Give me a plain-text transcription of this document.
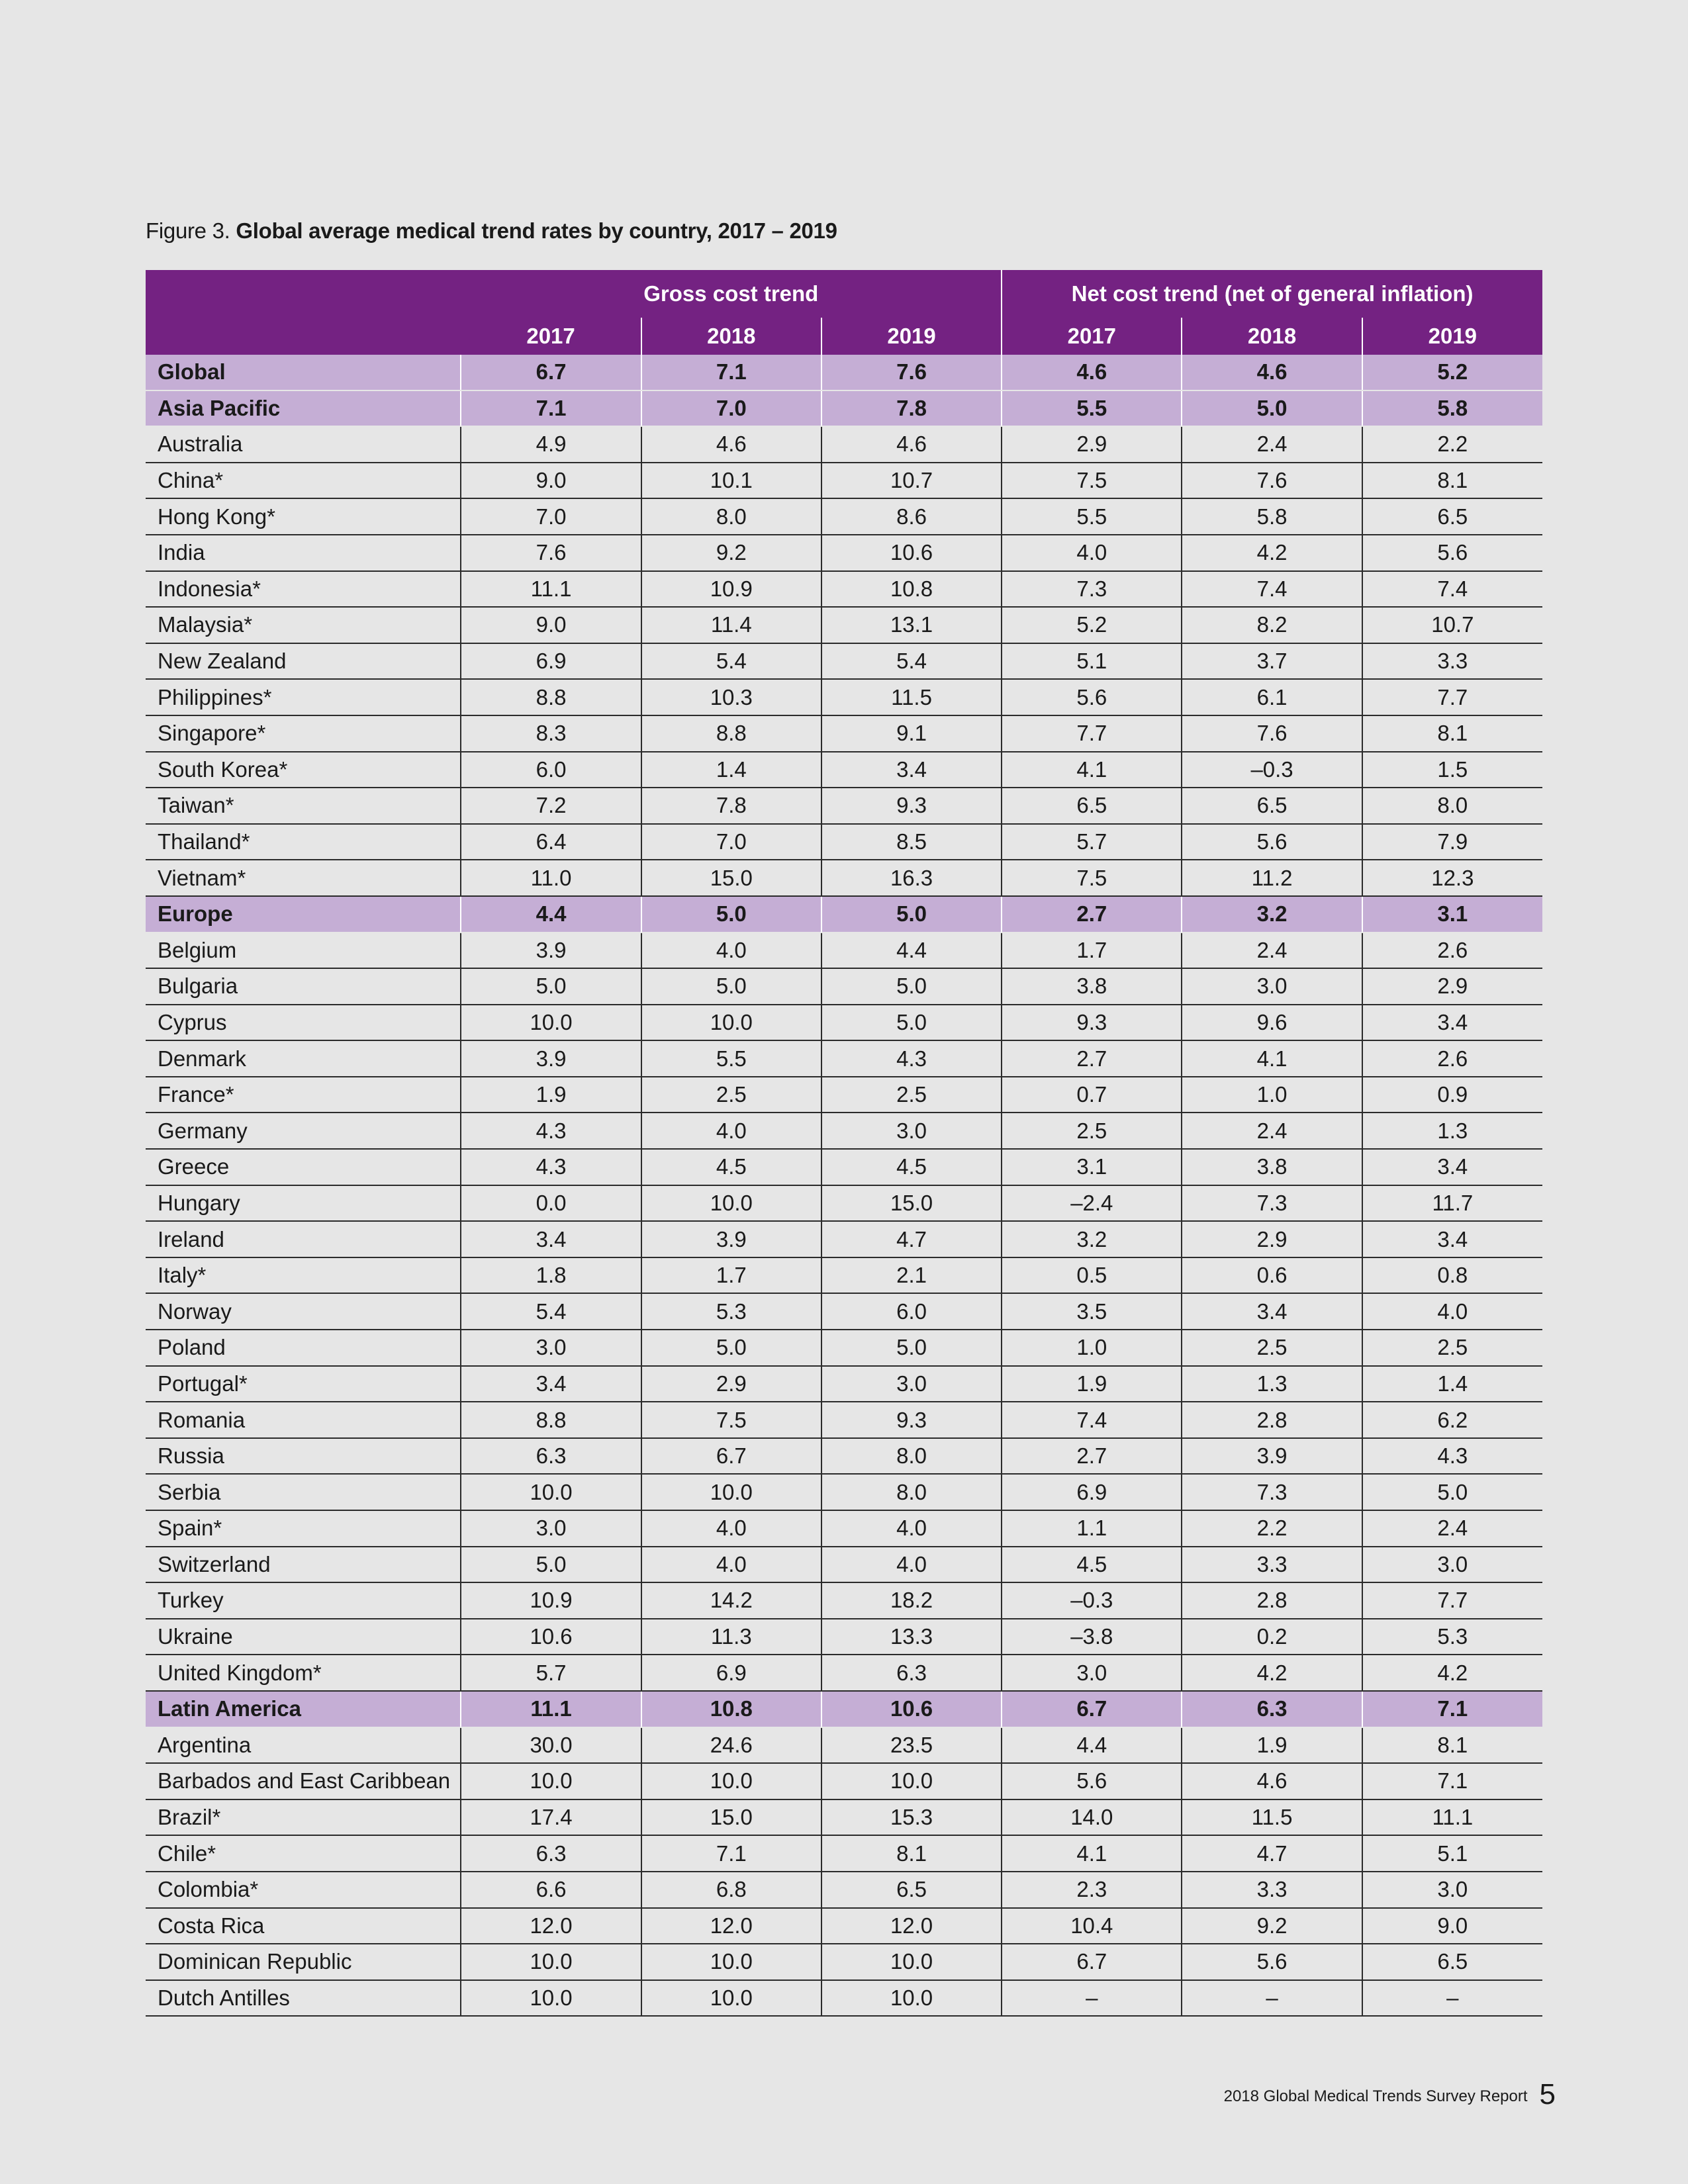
Figure 3. Global average medical trend rates by country, 2017 – 2019
	Gross cost trend			Net cost trend (net of general inflation)		
	2017	2018	2019	2017	2018	2019
Global	6.7	7.1	7.6	4.6	4.6	5.2
Asia Pacific	7.1	7.0	7.8	5.5	5.0	5.8
Australia	4.9	4.6	4.6	2.9	2.4	2.2
China*	9.0	10.1	10.7	7.5	7.6	8.1
Hong Kong*	7.0	8.0	8.6	5.5	5.8	6.5
India	7.6	9.2	10.6	4.0	4.2	5.6
Indonesia*	11.1	10.9	10.8	7.3	7.4	7.4
Malaysia*	9.0	11.4	13.1	5.2	8.2	10.7
New Zealand	6.9	5.4	5.4	5.1	3.7	3.3
Philippines*	8.8	10.3	11.5	5.6	6.1	7.7
Singapore*	8.3	8.8	9.1	7.7	7.6	8.1
South Korea*	6.0	1.4	3.4	4.1	–0.3	1.5
Taiwan*	7.2	7.8	9.3	6.5	6.5	8.0
Thailand*	6.4	7.0	8.5	5.7	5.6	7.9
Vietnam*	11.0	15.0	16.3	7.5	11.2	12.3
Europe	4.4	5.0	5.0	2.7	3.2	3.1
Belgium	3.9	4.0	4.4	1.7	2.4	2.6
Bulgaria	5.0	5.0	5.0	3.8	3.0	2.9
Cyprus	10.0	10.0	5.0	9.3	9.6	3.4
Denmark	3.9	5.5	4.3	2.7	4.1	2.6
France*	1.9	2.5	2.5	0.7	1.0	0.9
Germany	4.3	4.0	3.0	2.5	2.4	1.3
Greece	4.3	4.5	4.5	3.1	3.8	3.4
Hungary	0.0	10.0	15.0	–2.4	7.3	11.7
Ireland	3.4	3.9	4.7	3.2	2.9	3.4
Italy*	1.8	1.7	2.1	0.5	0.6	0.8
Norway	5.4	5.3	6.0	3.5	3.4	4.0
Poland	3.0	5.0	5.0	1.0	2.5	2.5
Portugal*	3.4	2.9	3.0	1.9	1.3	1.4
Romania	8.8	7.5	9.3	7.4	2.8	6.2
Russia	6.3	6.7	8.0	2.7	3.9	4.3
Serbia	10.0	10.0	8.0	6.9	7.3	5.0
Spain*	3.0	4.0	4.0	1.1	2.2	2.4
Switzerland	5.0	4.0	4.0	4.5	3.3	3.0
Turkey	10.9	14.2	18.2	–0.3	2.8	7.7
Ukraine	10.6	11.3	13.3	–3.8	0.2	5.3
United Kingdom*	5.7	6.9	6.3	3.0	4.2	4.2
Latin America	11.1	10.8	10.6	6.7	6.3	7.1
Argentina	30.0	24.6	23.5	4.4	1.9	8.1
Barbados and East Caribbean	10.0	10.0	10.0	5.6	4.6	7.1
Brazil*	17.4	15.0	15.3	14.0	11.5	11.1
Chile*	6.3	7.1	8.1	4.1	4.7	5.1
Colombia*	6.6	6.8	6.5	2.3	3.3	3.0
Costa Rica	12.0	12.0	12.0	10.4	9.2	9.0
Dominican Republic	10.0	10.0	10.0	6.7	5.6	6.5
Dutch Antilles	10.0	10.0	10.0	–	–	–
2018 Global Medical Trends Survey Report 5
